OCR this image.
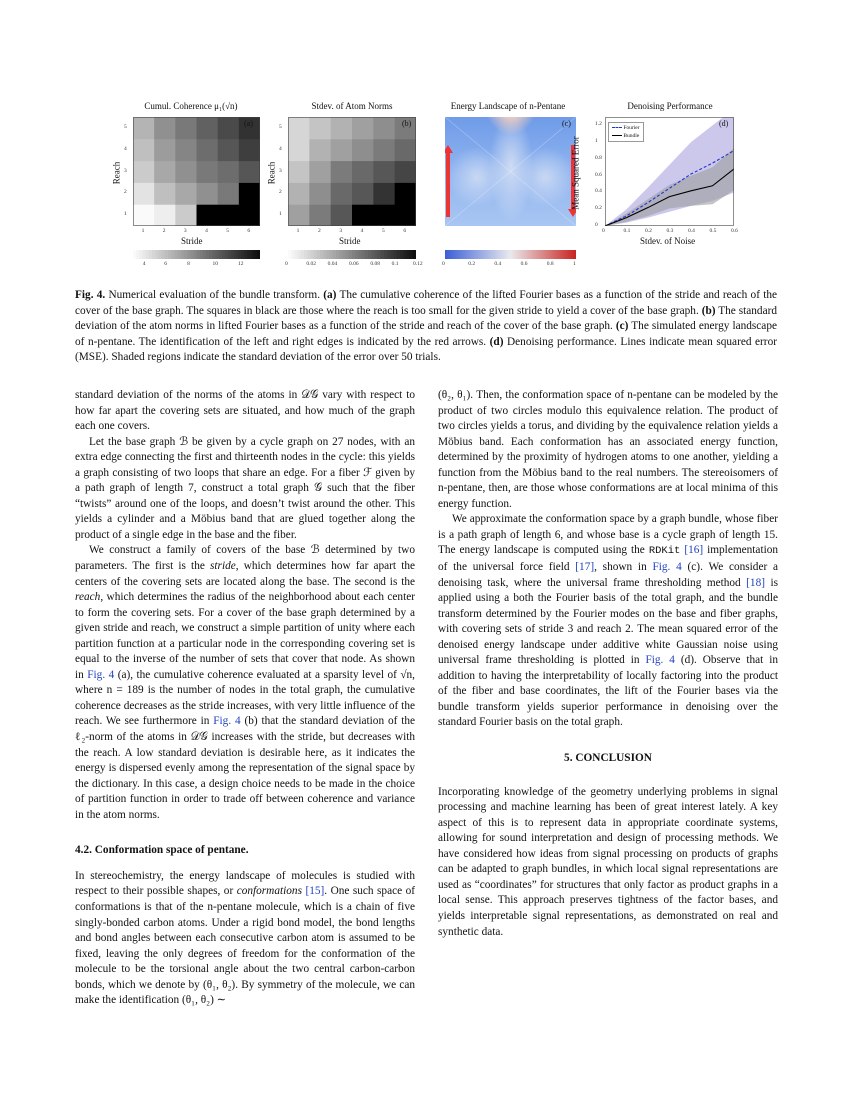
Cumul. Coherence μ₁(√n)
(a)
Stride
Reach
1	2	3	4	5	6
1
2
3
4
5
4	6	8	10	12
Stdev. of Atom Norms
(b)
Stride
Reach
1	2	3	4	5	6
1
2
3
4
5
0	0.02 0.04 0.06 0.08 0.1	0.12
Energy Landscape of n-Pentane
(c)
0	0.2	0.4	0.6	0.8	1
Denoising Performance
(d)
Stdev. of Noise
Mean Squared Error
Fourier
Bundle
0	0.1	0.2	0.3	0.4	0.5	0.6
0
0.2
0.4
0.6
0.8
1
1.2
Fig. 4. Numerical evaluation of the bundle transform. (a) The cumulative coherence of the lifted Fourier bases as a function of the stride and reach of the cover of the base graph. The squares in black are those where the reach is too small for the given stride to yield a cover of the base graph. (b) The standard deviation of the atom norms in lifted Fourier bases as a function of the stride and reach of the cover of the base graph. (c) The simulated energy landscape of n-pentane. The identification of the left and right edges is indicated by the red arrows. (d) Denoising performance. Lines indicate mean squared error (MSE). Shaded regions indicate the standard deviation of the error over 50 trials.

standard deviation of the norms of the atoms in 𝒟𝒢 vary with respect to how far apart the covering sets are situated, and how much of the graph each one covers.

Let the base graph ℬ be given by a cycle graph on 27 nodes, with an extra edge connecting the first and thirteenth nodes in the cycle: this yields a graph consisting of two loops that share an edge. For a fiber ℱ given by a path graph of length 7, construct a total graph 𝒢 such that the fiber “twists” around one of the loops, and doesn’t twist around the other. This yields a cylinder and a Möbius band that are glued together along the product of a single edge in the base and the fiber.

We construct a family of covers of the base ℬ determined by two parameters. The first is the stride, which determines how far apart the centers of the covering sets are located along the base. The second is the reach, which determines the radius of the neighborhood about each center to form the covering sets. For a cover of the base graph determined by a given stride and reach, we construct a simple partition of unity where each partition function at a particular node in the corresponding covering set is equal to the inverse of the number of sets that cover that node. As shown in Fig. 4 (a), the cumulative coherence evaluated at a sparsity level of √n, where n = 189 is the number of nodes in the total graph, the cumulative coherence decreases as the stride increases, with very little influence of the reach. We see furthermore in Fig. 4 (b) that the standard deviation of the ℓ₂-norm of the atoms in 𝒟𝒢 increases with the stride, but decreases with the reach. A low standard deviation is desirable here, as it indicates the energy is dispersed evenly among the representation of the signal space by the dictionary. In this case, a design choice needs to be made in the choice of partition function in order to trade off between coherence and variance in the atom norms.

4.2. Conformation space of pentane.

In stereochemistry, the energy landscape of molecules is studied with respect to their possible shapes, or conformations [15]. One such space of conformations is that of the n-pentane molecule, which is a chain of five singly-bonded carbon atoms. Under a rigid bond model, the bond lengths and bond angles between each consecutive carbon atom is assumed to be fixed, leaving the only degrees of freedom for the conformation of the molecule to be the torsional angle about the two central carbon-carbon bonds, which we denote by (θ₁, θ₂). By symmetry of the molecule, we can make the identification (θ₁, θ₂) ∼

(θ₂, θ₁). Then, the conformation space of n-pentane can be modeled by the product of two circles modulo this equivalence relation. The product of two circles yields a torus, and dividing by the equivalence relation yields a Möbius band. Each conformation has an associated energy function, determined by the proximity of hydrogen atoms to one another, yielding a function from the Möbius band to the real numbers. The stereoisomers of n-pentane, then, are those whose conformations are at local minima of this energy function.

We approximate the conformation space by a graph bundle, whose fiber is a path graph of length 6, and whose base is a cycle graph of length 15. The energy landscape is computed using the RDKit [16] implementation of the universal force field [17], shown in Fig. 4 (c). We consider a denoising task, where the universal frame thresholding method [18] is applied using a both the Fourier basis of the total graph, and the bundle transform determined by the Fourier modes on the base and fiber graphs, with covering sets of stride 3 and reach 2. The mean squared error of the denoised energy landscape under additive white Gaussian noise using universal frame thresholding is plotted in Fig. 4 (d). Observe that in addition to having the interpretability of locally factoring into the product of the fiber and base coordinates, the lift of the Fourier bases via the bundle transform yields superior performance in denoising over the standard Fourier basis on the total graph.

5. CONCLUSION

Incorporating knowledge of the geometry underlying problems in signal processing and machine learning has been of great interest lately. A key aspect of this is to represent data in appropriate coordinate systems, allowing for sound interpretation and design of processing methods. We have considered how ideas from signal processing on products of graphs can be adapted to graph bundles, in which local signal representations are used as “coordinates” for structures that only factor as product graphs in a local sense. This approach preserves tightness of the factor bases, and yields interpretable signal representations, as demonstrated on real and synthetic data.
